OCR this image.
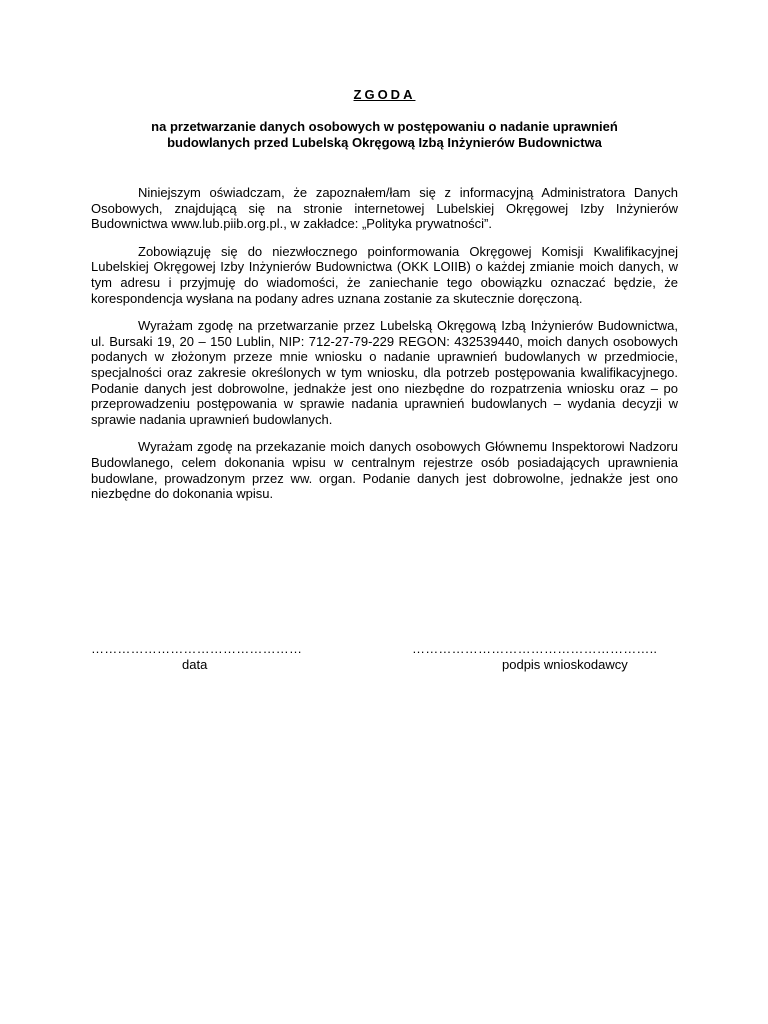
ZGODA
na przetwarzanie danych osobowych w postępowaniu o nadanie uprawnień
budowlanych przed Lubelską Okręgową Izbą Inżynierów Budownictwa

Niniejszym oświadczam, że zapoznałem/łam się z informacyjną Administratora Danych Osobowych, znajdującą się na stronie internetowej Lubelskiej Okręgowej Izby Inżynierów Budownictwa www.lub.piib.org.pl., w zakładce: „Polityka prywatności”.

Zobowiązuję się do niezwłocznego poinformowania Okręgowej Komisji Kwalifikacyjnej Lubelskiej Okręgowej Izby Inżynierów Budownictwa (OKK LOIIB) o każdej zmianie moich danych, w tym adresu i przyjmuję do wiadomości, że zaniechanie tego obowiązku oznaczać będzie, że korespondencja wysłana na podany adres uznana zostanie za skutecznie doręczoną.

Wyrażam zgodę na przetwarzanie przez Lubelską Okręgową Izbą Inżynierów Budownictwa, ul. Bursaki 19, 20 – 150 Lublin, NIP: 712-27-79-229 REGON: 432539440, moich danych osobowych podanych w złożonym przeze mnie wniosku o nadanie uprawnień budowlanych w przedmiocie, specjalności oraz zakresie określonych w tym wniosku, dla potrzeb postępowania kwalifikacyjnego. Podanie danych jest dobrowolne, jednakże jest ono niezbędne do rozpatrzenia wniosku oraz – po przeprowadzeniu postępowania w sprawie nadania uprawnień budowlanych – wydania decyzji w sprawie nadania uprawnień budowlanych.

Wyrażam zgodę na przekazanie moich danych osobowych Głównemu Inspektorowi Nadzoru Budowlanego, celem dokonania wpisu w centralnym rejestrze osób posiadających uprawnienia budowlane, prowadzonym przez ww. organ. Podanie danych jest dobrowolne, jednakże jest ono niezbędne do dokonania wpisu.

…………………………………………
data
………………………………………………..
podpis wnioskodawcy
